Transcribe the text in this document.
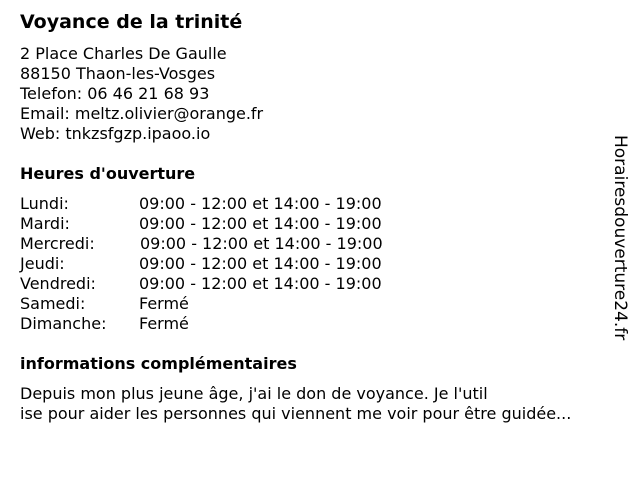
Voyance de la trinité
2 Place Charles De Gaulle
88150 Thaon-les-Vosges
Telefon: 06 46 21 68 93
Email: meltz.olivier@orange.fr
Web: tnkzsfgzp.ipaoo.io
Heures d'ouverture
Lundi:	09:00 - 12:00 et 14:00 - 19:00
Mardi:	09:00 - 12:00 et 14:00 - 19:00
Mercredi:	09:00 - 12:00 et 14:00 - 19:00
Jeudi:	09:00 - 12:00 et 14:00 - 19:00
Vendredi:	09:00 - 12:00 et 14:00 - 19:00
Samedi:	Fermé
Dimanche: Fermé
informations complémentaires
Depuis mon plus jeune âge, j'ai le don de voyance. Je l'util
ise pour aider les personnes qui viennent me voir pour être guidée...
Horairesdouverture24.fr
